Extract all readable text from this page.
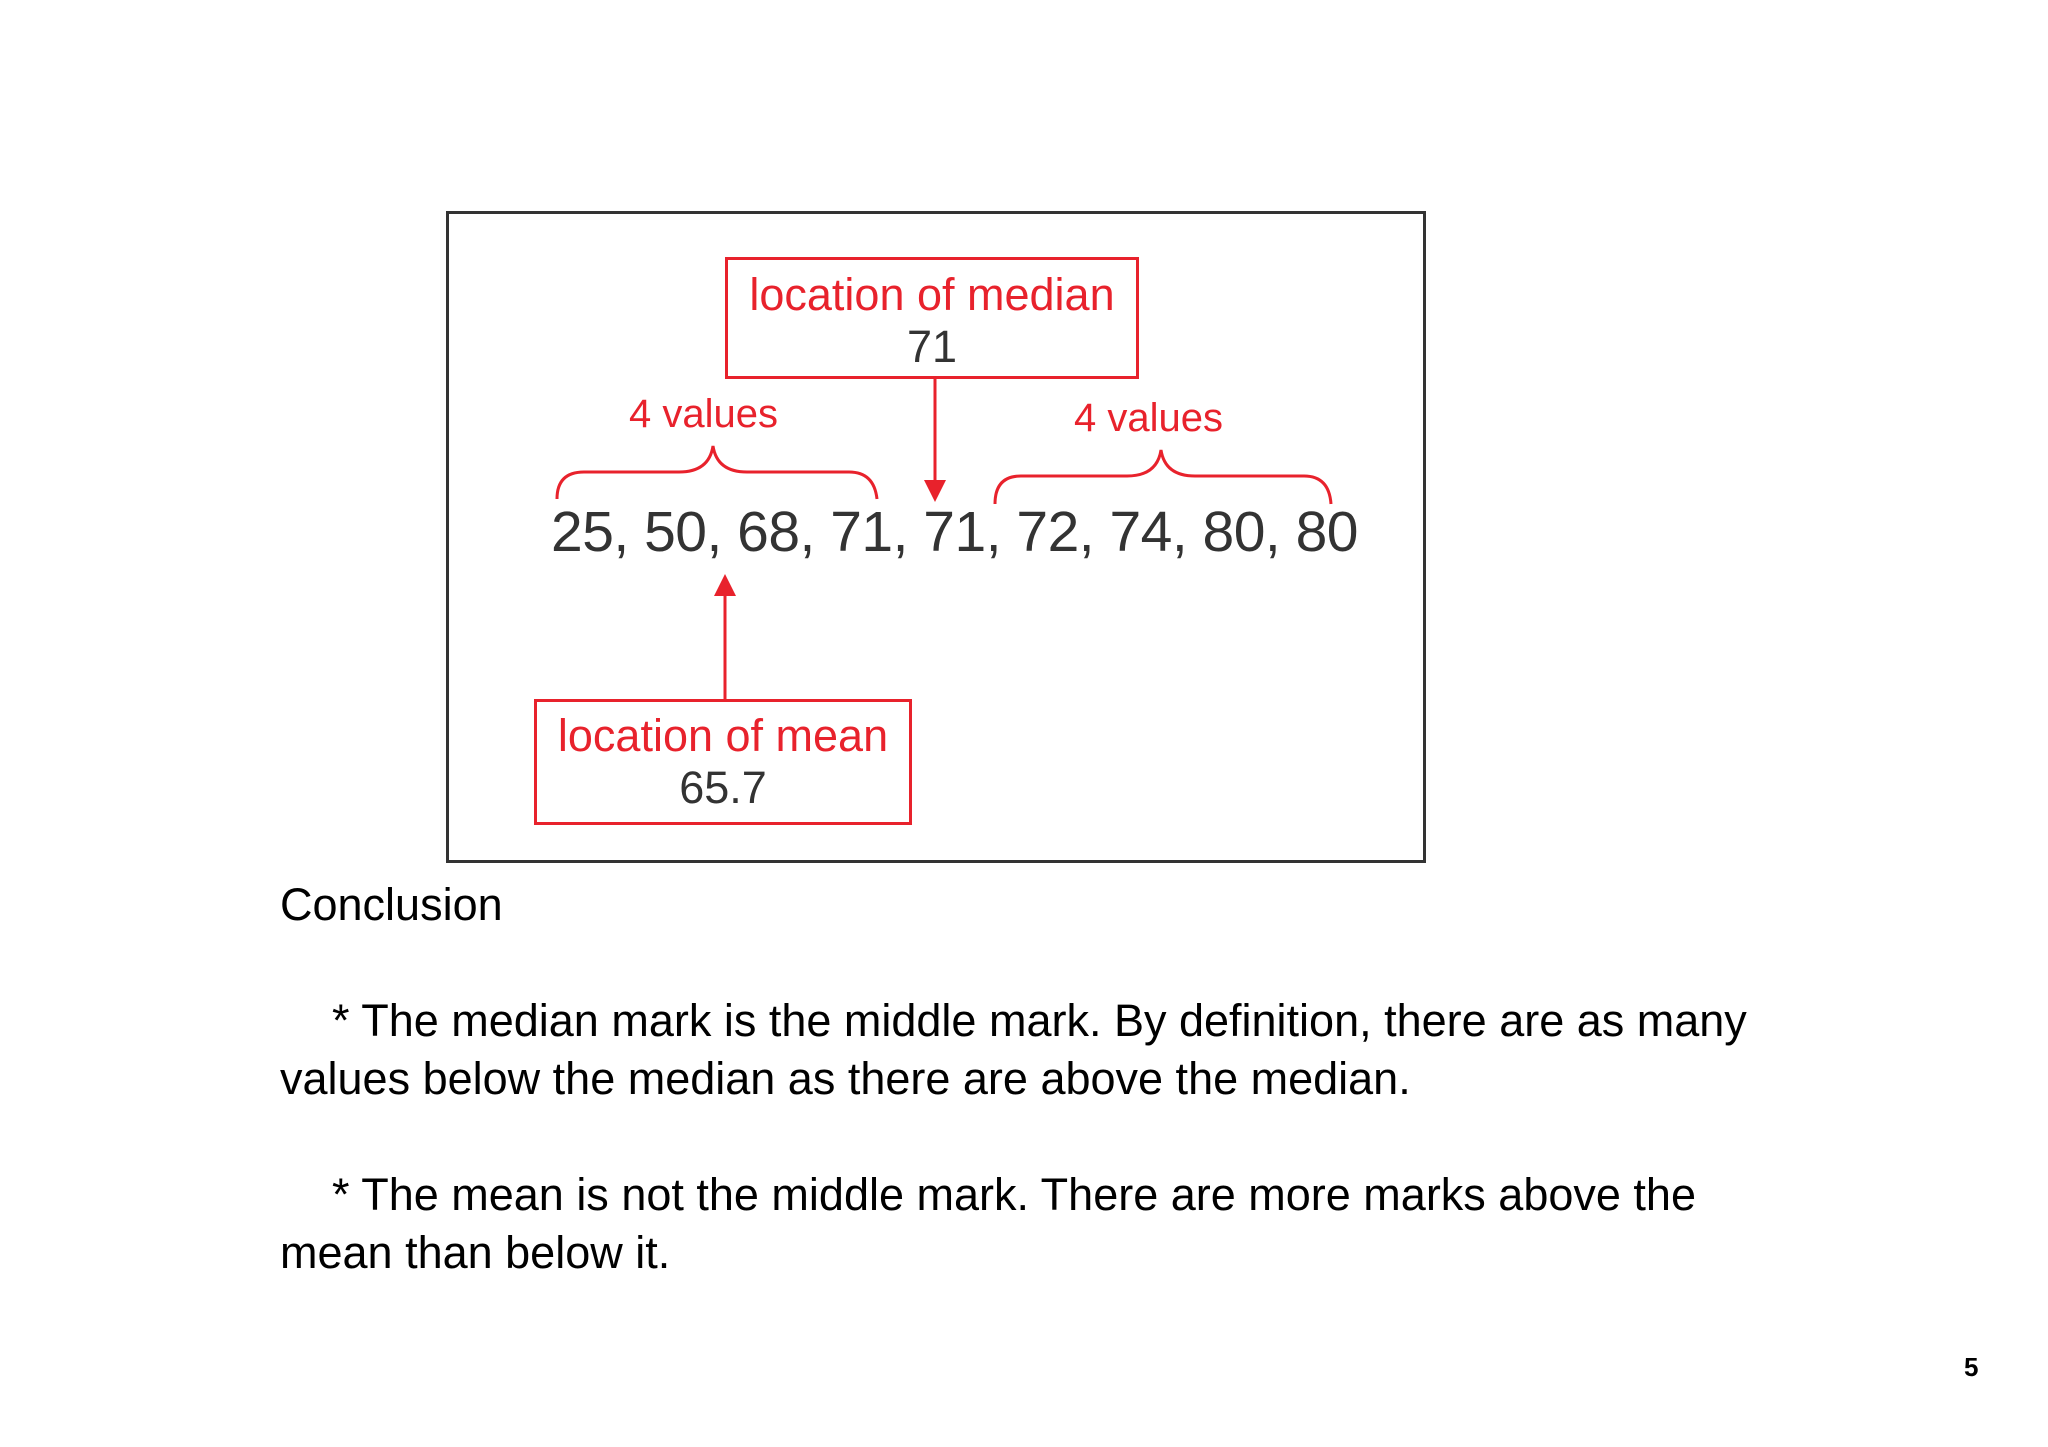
location of median
71
4 values	4 values
25, 50, 68, 71, 71, 72, 74, 80, 80
location of mean
65.7
Conclusion
* The median mark is the middle mark. By definition, there are as many values below the median as there are above the median.
* The mean is not the middle mark. There are more marks above the mean than below it.
5
